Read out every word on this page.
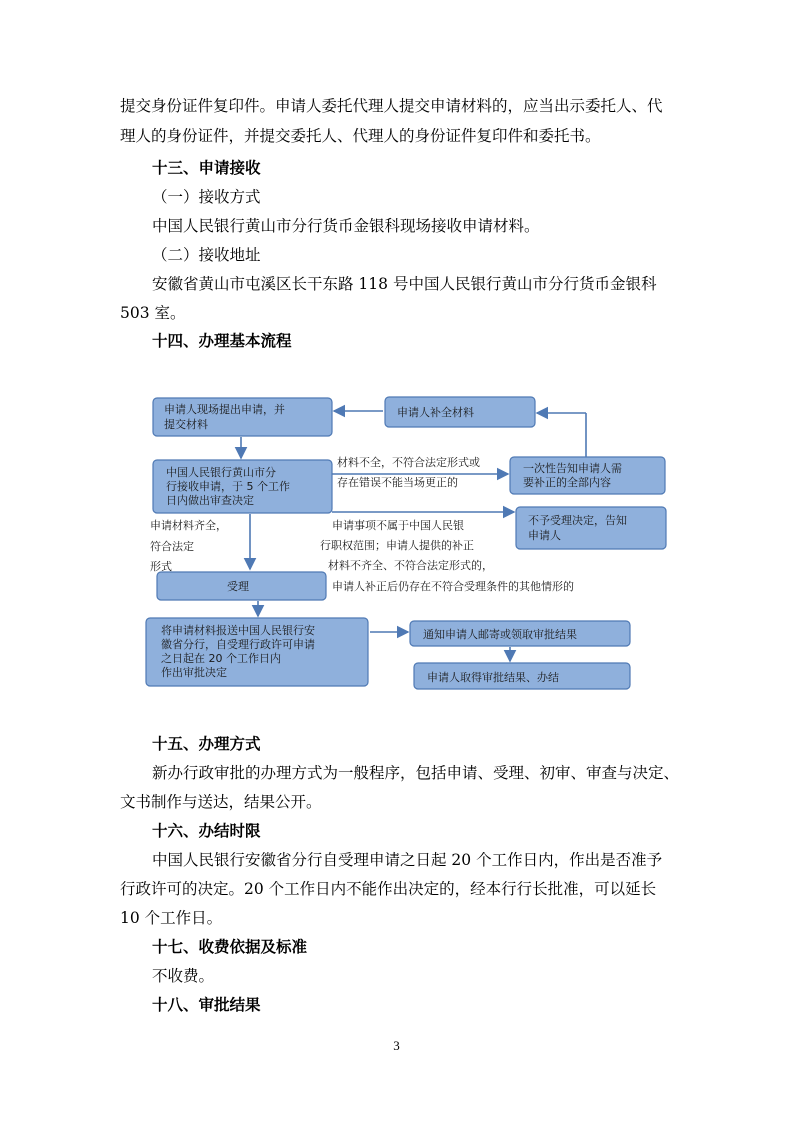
提交身份证件复印件。申请人委托代理人提交申请材料的，应当出示委托人、代
理人的身份证件，并提交委托人、代理人的身份证件复印件和委托书。
十三、申请接收
（一）接收方式
中国人民银行黄山市分行货币金银科现场接收申请材料。
（二）接收地址
安徽省黄山市屯溪区长干东路 118 号中国人民银行黄山市分行货币金银科
503 室。
十四、办理基本流程
申请人现场提出申请，并
提交材料
申请人补全材料
中国人民银行黄山市分
行接收申请，于 5 个工作
日内做出审查决定
一次性告知申请人需
要补正的全部内容
不予受理决定，告知
申请人
受理
将申请材料报送中国人民银行安
徽省分行，自受理行政许可申请
之日起在 20 个工作日内
作出审批决定
通知申请人邮寄或领取审批结果
申请人取得审批结果、办结
材料不全，不符合法定形式或
存在错误不能当场更正的
申请事项不属于中国人民银
行职权范围；申请人提供的补正
材料不齐全、不符合法定形式的，
申请人补正后仍存在不符合受理条件的其他情形的
申请材料齐全，
符合法定
形式
十五、办理方式
新办行政审批的办理方式为一般程序，包括申请、受理、初审、审查与决定、
文书制作与送达，结果公开。
十六、办结时限
中国人民银行安徽省分行自受理申请之日起 20 个工作日内，作出是否准予
行政许可的决定。20 个工作日内不能作出决定的，经本行行长批准，可以延长
10 个工作日。
十七、收费依据及标准
不收费。
十八、审批结果
3
